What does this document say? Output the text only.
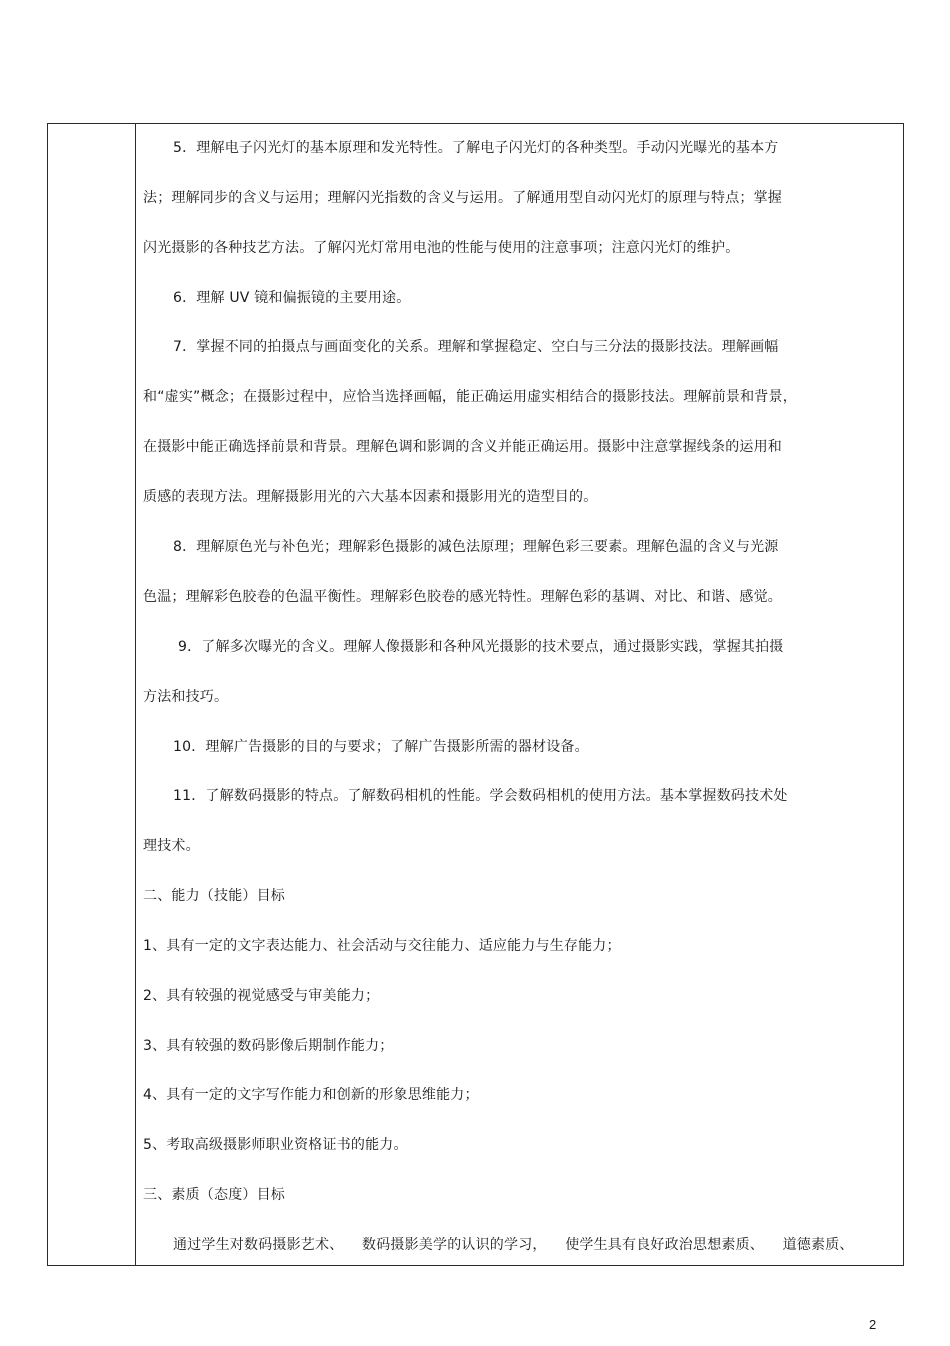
5．理解电子闪光灯的基本原理和发光特性。了解电子闪光灯的各种类型。手动闪光曝光的基本方
法；理解同步的含义与运用；理解闪光指数的含义与运用。了解通用型自动闪光灯的原理与特点；掌握
闪光摄影的各种技艺方法。了解闪光灯常用电池的性能与使用的注意事项；注意闪光灯的维护。
6．理解 UV 镜和偏振镜的主要用途。
7．掌握不同的拍摄点与画面变化的关系。理解和掌握稳定、空白与三分法的摄影技法。理解画幅
和“虚实”概念；在摄影过程中，应恰当选择画幅，能正确运用虚实相结合的摄影技法。理解前景和背景，
在摄影中能正确选择前景和背景。理解色调和影调的含义并能正确运用。摄影中注意掌握线条的运用和
质感的表现方法。理解摄影用光的六大基本因素和摄影用光的造型目的。
8．理解原色光与补色光；理解彩色摄影的减色法原理；理解色彩三要素。理解色温的含义与光源
色温；理解彩色胶卷的色温平衡性。理解彩色胶卷的感光特性。理解色彩的基调、对比、和谐、感觉。
9．了解多次曝光的含义。理解人像摄影和各种风光摄影的技术要点，通过摄影实践，掌握其拍摄
方法和技巧。
10．理解广告摄影的目的与要求；了解广告摄影所需的器材设备。
11．了解数码摄影的特点。了解数码相机的性能。学会数码相机的使用方法。基本掌握数码技术处
理技术。
二、能力（技能）目标
1、具有一定的文字表达能力、社会活动与交往能力、适应能力与生存能力；
2、具有较强的视觉感受与审美能力；
3、具有较强的数码影像后期制作能力；
4、具有一定的文字写作能力和创新的形象思维能力；
5、考取高级摄影师职业资格证书的能力。
三、素质（态度）目标
通过学生对数码摄影艺术、    数码摄影美学的认识的学习，    使学生具有良好政治思想素质、    道德素质、
2
